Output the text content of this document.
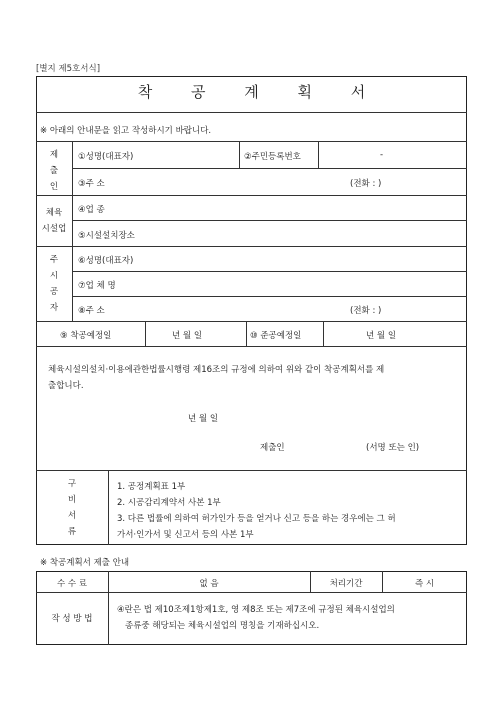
[별지 제5호서식]
착 공 계 획 서
※ 아래의 안내문을 읽고 작성하시기 바랍니다.
제
출
인
①성명(대표자)	②주민등록번호	-
③주 소	(전화 : )
체육
시설업
④업 종
⑤시설설치장소
주
시
공
자
⑥성명(대표자)
⑦업 체 명
⑧주 소	(전화 : )
⑨ 착공예정일	년 월 일	⑩ 준공예정일	년 월 일
체육시설의설치·이용에관한법률시행령 제16조의 규정에 의하여 위와 같이 착공계획서를 제
출합니다.
년 월 일
제출인	(서명 또는 인)
구
비
서
류
1. 공정계획표 1부
2. 시공감리계약서 사본 1부
3. 다른 법률에 의하여 허가인가 등을 얻거나 신고 등을 하는 경우에는 그 허
가서·인가서 및 신고서 등의 사본 1부
※ 착공계획서 제출 안내
수 수 료	없 음	처리기간	즉 시
작 성 방 법
④란은 법 제10조제1항제1호, 영 제8조 또는 제7조에 규정된 체육시설업의
종류중 해당되는 체육시설업의 명칭을 기재하십시오.
